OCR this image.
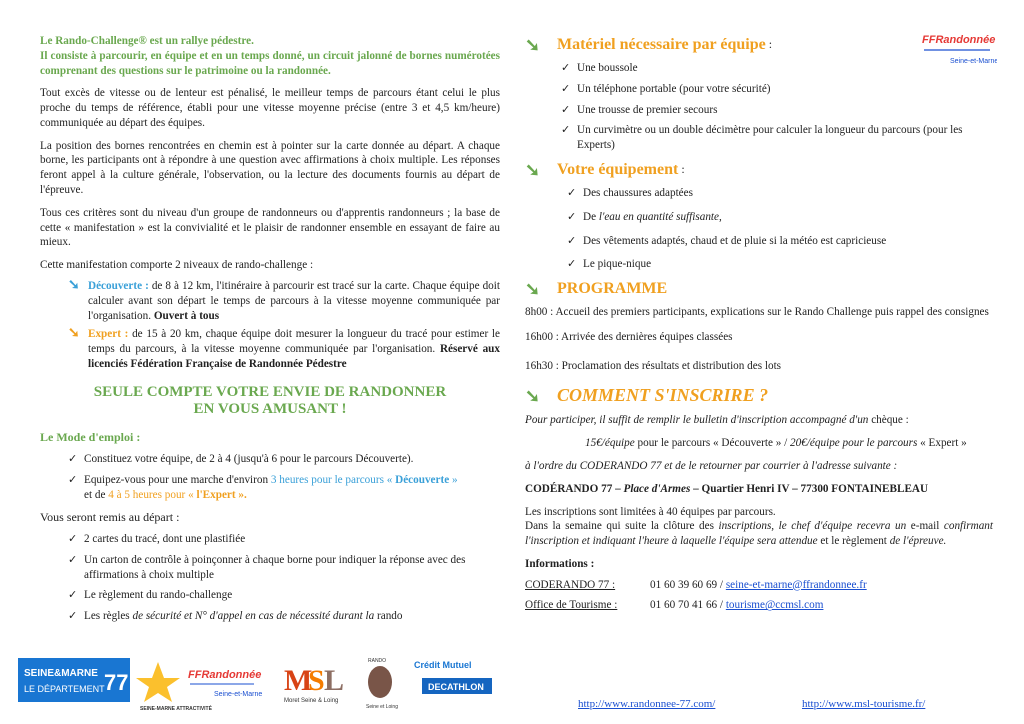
Le Rando-Challenge® est un rallye pédestre.
Il consiste à parcourir, en équipe et en un temps donné, un circuit jalonné de bornes numérotées comprenant des questions sur le patrimoine ou la randonnée.

Tout excès de vitesse ou de lenteur est pénalisé, le meilleur temps de parcours étant celui le plus proche du temps de référence, établi pour une vitesse moyenne précise (entre 3 et 4,5 km/heure) communiquée au départ des équipes.

La position des bornes rencontrées en chemin est à pointer sur la carte donnée au départ. A chaque borne, les participants ont à répondre à une question avec affirmations à choix multiple. Les réponses feront appel à la culture générale, l'observation, ou la lecture des documents fournis au départ de l'épreuve.

Tous ces critères sont du niveau d'un groupe de randonneurs ou d'apprentis randonneurs ; la base de cette « manifestation » est la convivialité et le plaisir de randonner ensemble en essayant de faire au mieux.

Cette manifestation comporte 2 niveaux de rando-challenge :

➘ Découverte : de 8 à 12 km, l'itinéraire à parcourir est tracé sur la carte. Chaque équipe doit calculer avant son départ le temps de parcours à la vitesse moyenne communiquée par l'organisation. Ouvert à tous
➘ Expert : de 15 à 20 km, chaque équipe doit mesurer la longueur du tracé pour estimer le temps du parcours, à la vitesse moyenne communiquée par l'organisation. Réservé aux licenciés Fédération Française de Randonnée Pédestre
SEULE COMPTE VOTRE ENVIE DE RANDONNER
EN VOUS AMUSANT !
Le Mode d'emploi :
✓ Constituez votre équipe, de 2 à 4 (jusqu'à 6 pour le parcours Découverte).
✓ Equipez-vous pour une marche d'environ 3 heures pour le parcours « Découverte »
et de 4 à 5 heures pour « l'Expert ».
Vous seront remis au départ :
✓ 2 cartes du tracé, dont une plastifiée
✓ Un carton de contrôle à poinçonner à chaque borne pour indiquer la réponse avec des affirmations à choix multiple
✓ Le règlement du rando-challenge
✓ Les règles de sécurité et N° d'appel en cas de nécessité durant la rando
➘	Matériel nécessaire par équipe :
✓ Une boussole
✓ Un téléphone portable (pour votre sécurité)
✓ Une trousse de premier secours
✓ Un curvimètre ou un double décimètre pour calculer la longueur du parcours (pour les Experts)
➘	Votre équipement :
✓ Des chaussures adaptées
✓ De l'eau en quantité suffisante,
✓ Des vêtements adaptés, chaud et de pluie si la météo est capricieuse
✓ Le pique-nique
➘	PROGRAMME

8h00 : Accueil des premiers participants, explications sur le Rando Challenge puis rappel des consignes

16h00 : Arrivée des dernières équipes classées

16h30 : Proclamation des résultats et distribution des lots

➘ COMMENT S'INSCRIRE ?

Pour participer, il suffit de remplir le bulletin d'inscription accompagné d'un chèque :

15€/équipe pour le parcours « Découverte » / 20€/équipe pour le parcours « Expert »

à l'ordre du CODERANDO 77 et de le retourner par courrier à l'adresse suivante :

CODÉRANDO 77 – Place d'Armes – Quartier Henri IV – 77300 FONTAINEBLEAU

Les inscriptions sont limitées à 40 équipes par parcours.

Dans la semaine qui suite la clôture des inscriptions, le chef d'équipe recevra un e-mail confirmant l'inscription et indiquant l'heure à laquelle l'équipe sera attendue et le règlement de l'épreuve.

Informations :

CODERANDO 77 :	01 60 39 60 69 / seine-et-marne@ffrandonnee.fr
Office de Tourisme :	01 60 70 41 66 / tourisme@ccmsl.com
FFRandonnée
Seine-et-Marne
SEINE&MARNE
LE DÉPARTEMENT 77
SEINE-MARNE ATTRACTIVITÉ
FFRandonnée
Seine-et-Marne M
S L
Moret Seine & Loing
RANDO
Seine et Loing
Crédit Mutuel
DECATHLON
http://www.randonnee-77.com/	http://www.msl-tourisme.fr/
